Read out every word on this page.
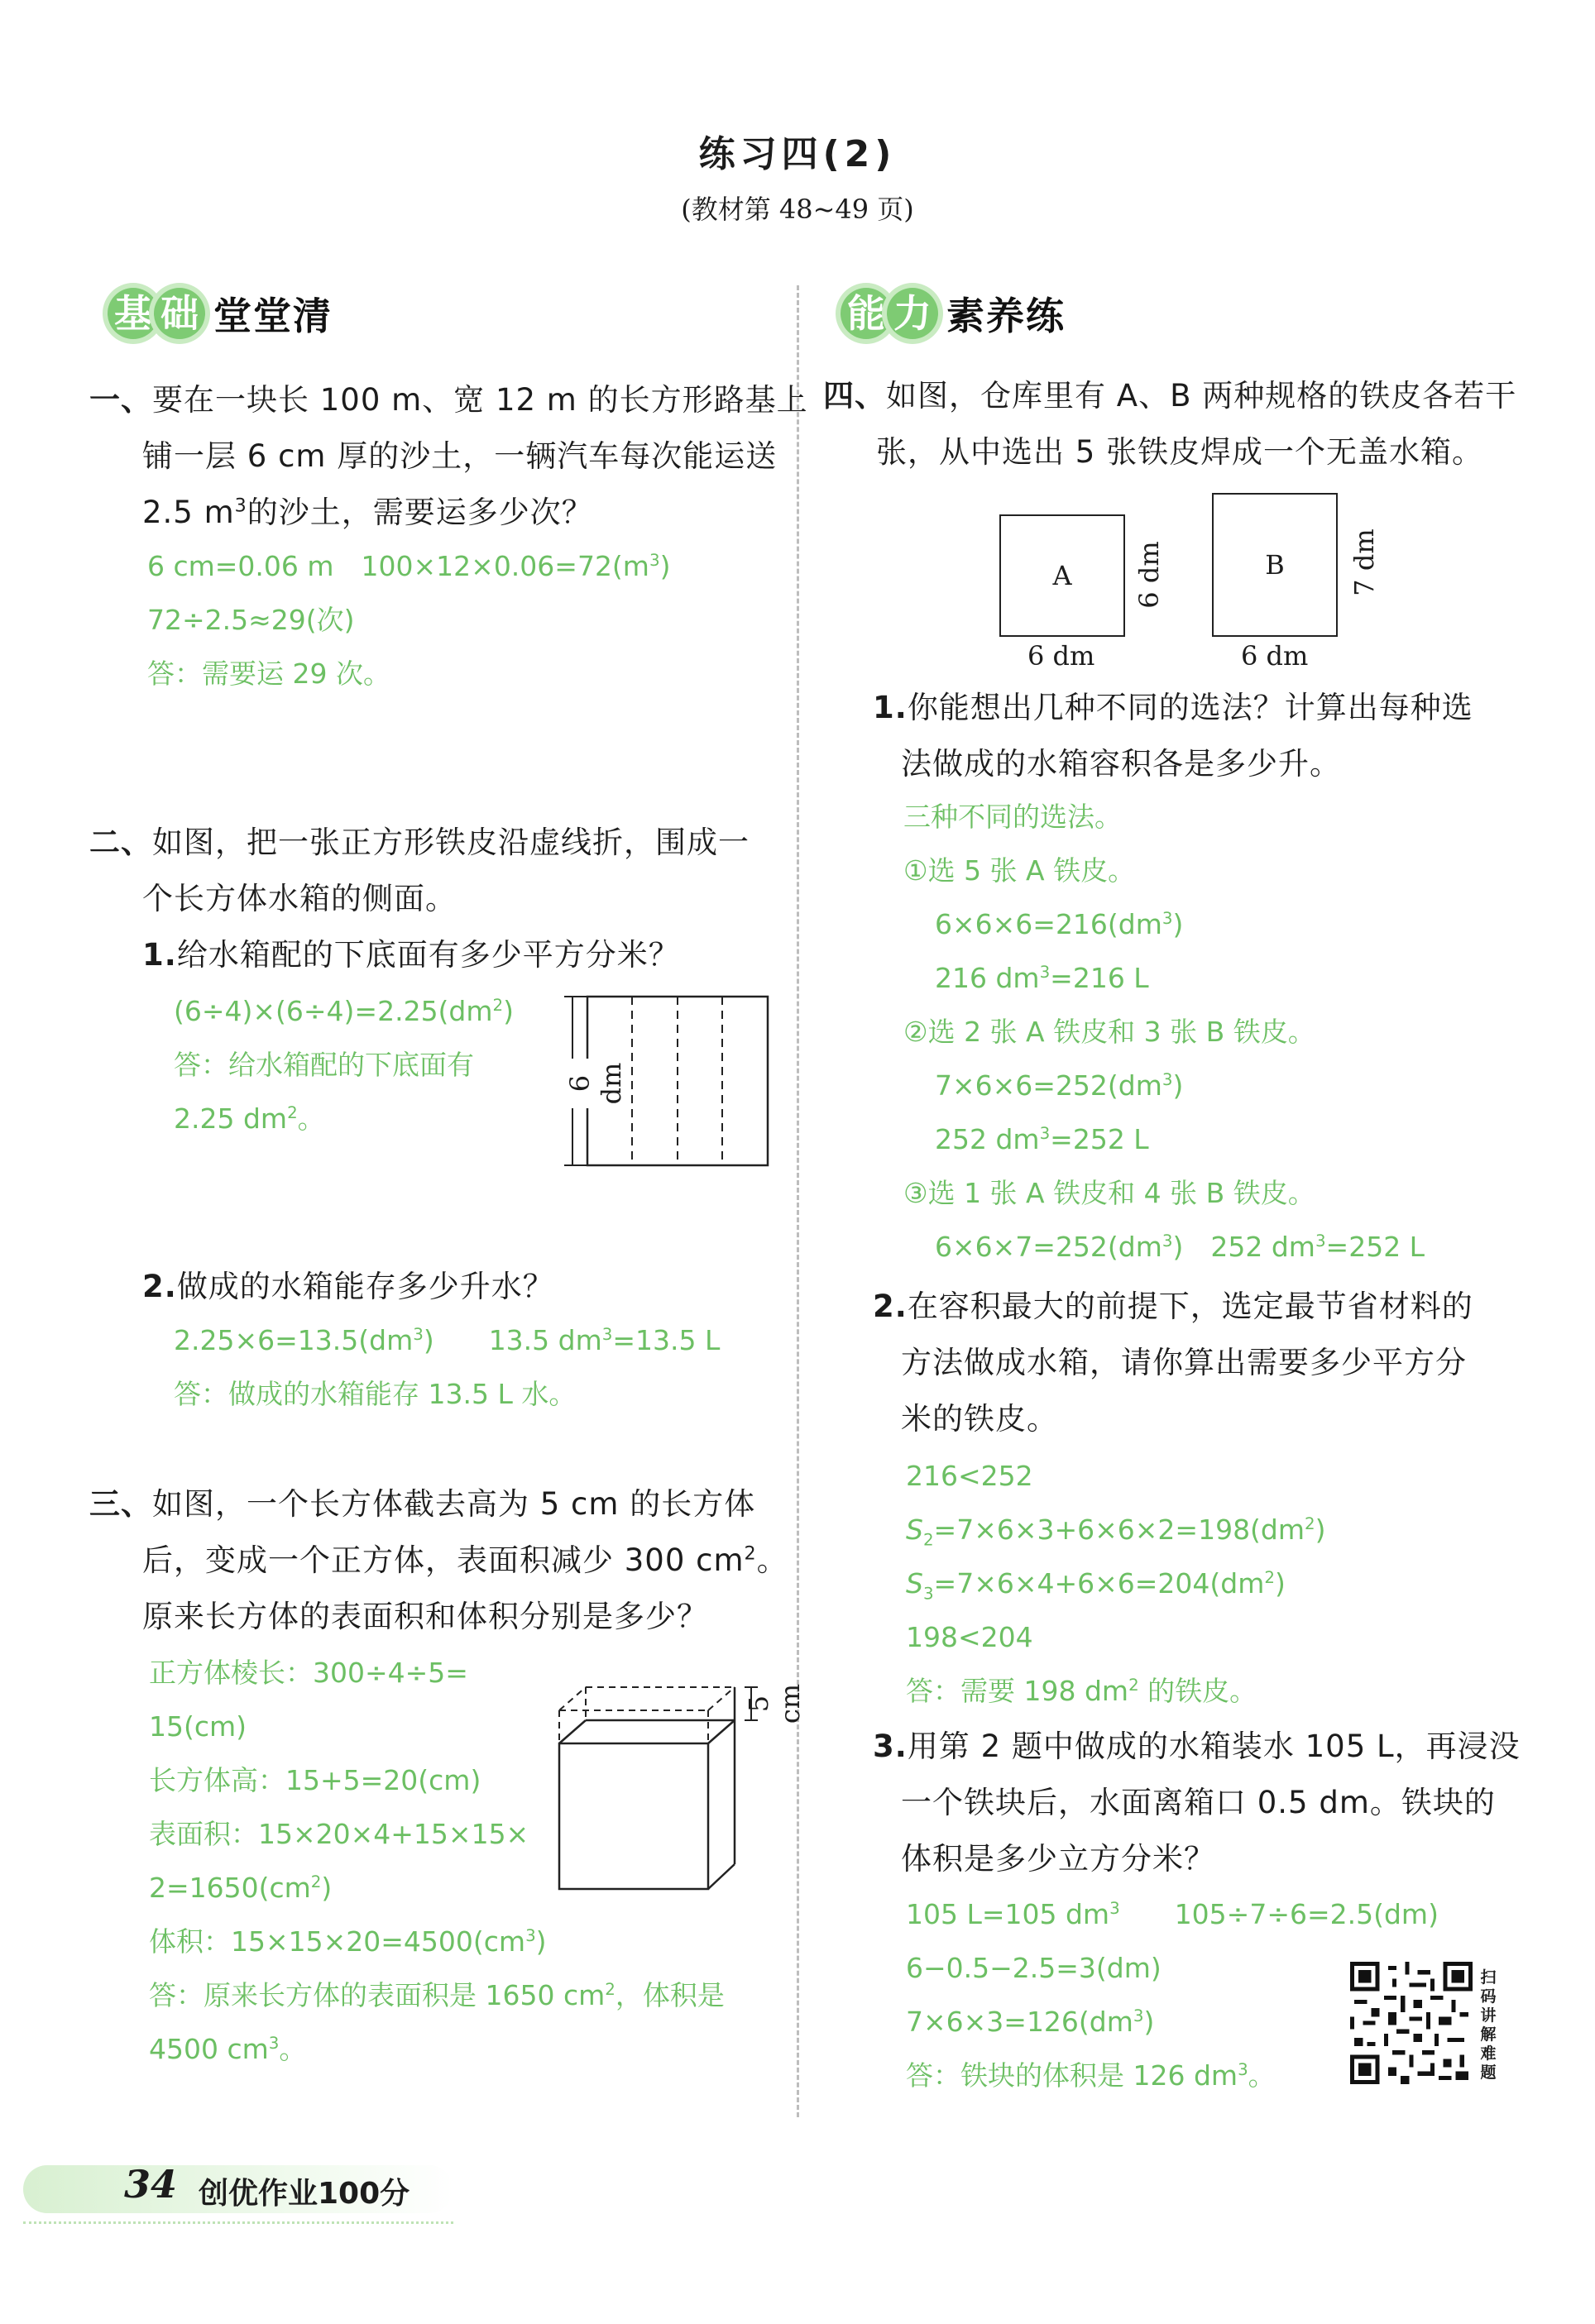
练习四(2)
(教材第 48~49 页)
基 础 堂堂清	能 力 素养练
一、要在一块长 100 m、宽 12 m 的长方形路基上
铺一层 6 cm 厚的沙土，一辆汽车每次能运送
2.5 $m^3$的沙土，需要运多少次？
6 cm=0.06 m　$100\times 12\times 0.06=72(m^3)$
72÷2.5≈29(次)
答：需要运 29 次。
二、如图，把一张正方形铁皮沿虚线折，围成一
个长方体水箱的侧面。
1.给水箱配的下底面有多少平方分米？
$(6\div 4)\times(6\div 4)=2.25(dm^2)$
答：给水箱配的下底面有
2.25 $dm^2$。
6 dm
2.做成的水箱能存多少升水？
$2.25\times 6=13.5(dm^3)$　　 13.5 $dm^3=13.5$ L
答：做成的水箱能存 13.5 L 水。
三、如图，一个长方体截去高为 5 cm 的长方体
后，变成一个正方体，表面积减少 300 $cm^2$。
原来长方体的表面积和体积分别是多少？
正方体棱长：300÷4÷5=
15(cm)
长方体高：15+5=20(cm)
表面积：15×20×4+15×15×
$2=1650(cm^2)$
体积：$15\times 15\times 20=4500(cm^3)$
答：原来长方体的表面积是 1650 $cm^2$，体积是
4500 $cm^3$。
5 cm
四、如图，仓库里有 A、B 两种规格的铁皮各若干
张，从中选出 5 张铁皮焊成一个无盖水箱。
A
6 dm
6 dm	B
6 dm
7 dm
1.你能想出几种不同的选法？计算出每种选
法做成的水箱容积各是多少升。
三种不同的选法。
①选 5 张 A 铁皮。
$6\times 6\times 6=216(dm^3)$
216 $dm^3=216$ L
②选 2 张 A 铁皮和 3 张 B 铁皮。
$7\times 6\times 6=252(dm^3)$
252 $dm^3=252$ L
③选 1 张 A 铁皮和 4 张 B 铁皮。
$6\times 6\times 7=252(dm^3)$　 252 $dm^3=252$ L
2.在容积最大的前提下，选定最节省材料的
方法做成水箱，请你算出需要多少平方分
米的铁皮。
216<252
$S_2=7\times 6\times 3+6\times 6\times 2=198(dm^2)$
$S_3=7\times 6\times 4+6\times 6=204(dm^2)$
198<204
答：需要 198 $dm^2$ 的铁皮。
3.用第 2 题中做成的水箱装水 105 L，再浸没
一个铁块后，水面离箱口 0.5 dm。铁块的
体积是多少立方分米？
105 L=105 $dm^3$　　 105÷7÷6=2.5(dm)
6−0.5−2.5=3(dm)
$7\times 6\times 3=126(dm^3)$
答：铁块的体积是 126 $dm^3$。
扫码讲解难题
34 创优作业100分
